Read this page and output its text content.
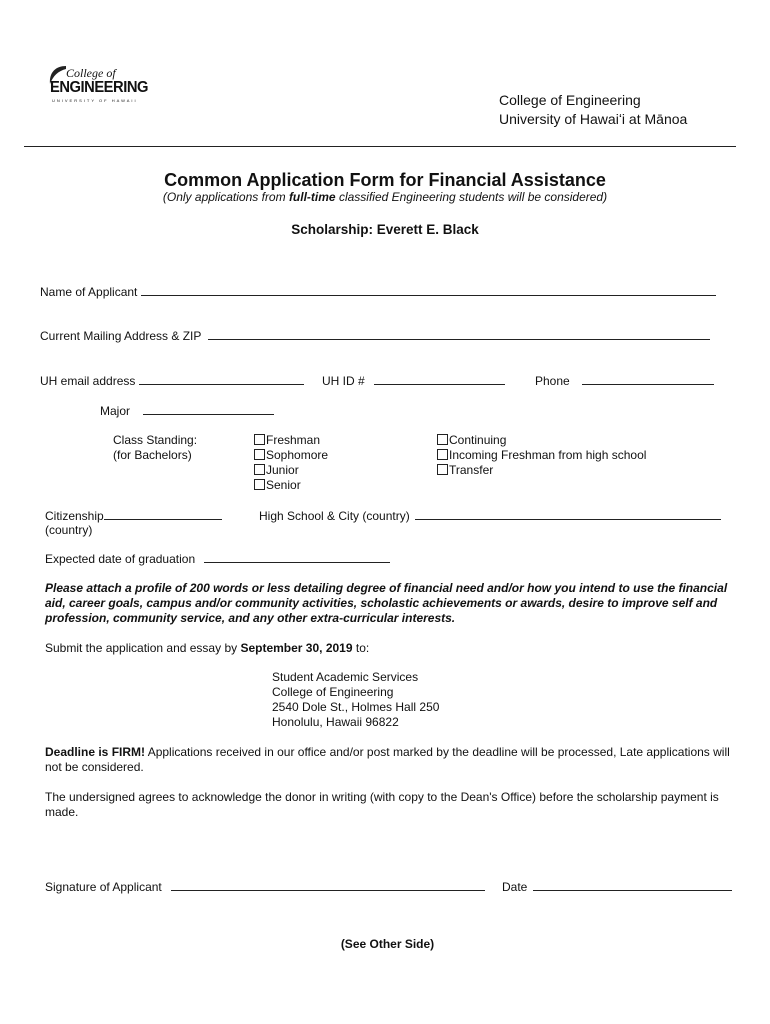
College of
ENGINEERING
UNIVERSITY OF HAWAII	College of Engineering
University of Hawaiʻi at Mānoa
Common Application Form for Financial Assistance
(Only applications from full-time classified Engineering students will be considered)
Scholarship: Everett E. Black
Name of Applicant
Current Mailing Address & ZIP
UH email address	UH ID #	Phone
Major
Class Standing:
(for Bachelors)
Freshman
Sophomore
Junior
Senior
Continuing
Incoming Freshman from high school
Transfer
Citizenship
(country)
High School & City (country)
Expected date of graduation
Please attach a profile of 200 words or less detailing degree of financial need and/or how you intend to use the financial aid, career goals, campus and/or community activities, scholastic achievements or awards, desire to improve self and profession, community service, and any other extra-curricular interests.
Submit the application and essay by September 30, 2019 to:
Student Academic Services
College of Engineering
2540 Dole St., Holmes Hall 250
Honolulu, Hawaii 96822
Deadline is FIRM! Applications received in our office and/or post marked by the deadline will be processed, Late applications will not be considered.
The undersigned agrees to acknowledge the donor in writing (with copy to the Dean's Office) before the scholarship payment is made.
Signature of Applicant	Date
(See Other Side)
